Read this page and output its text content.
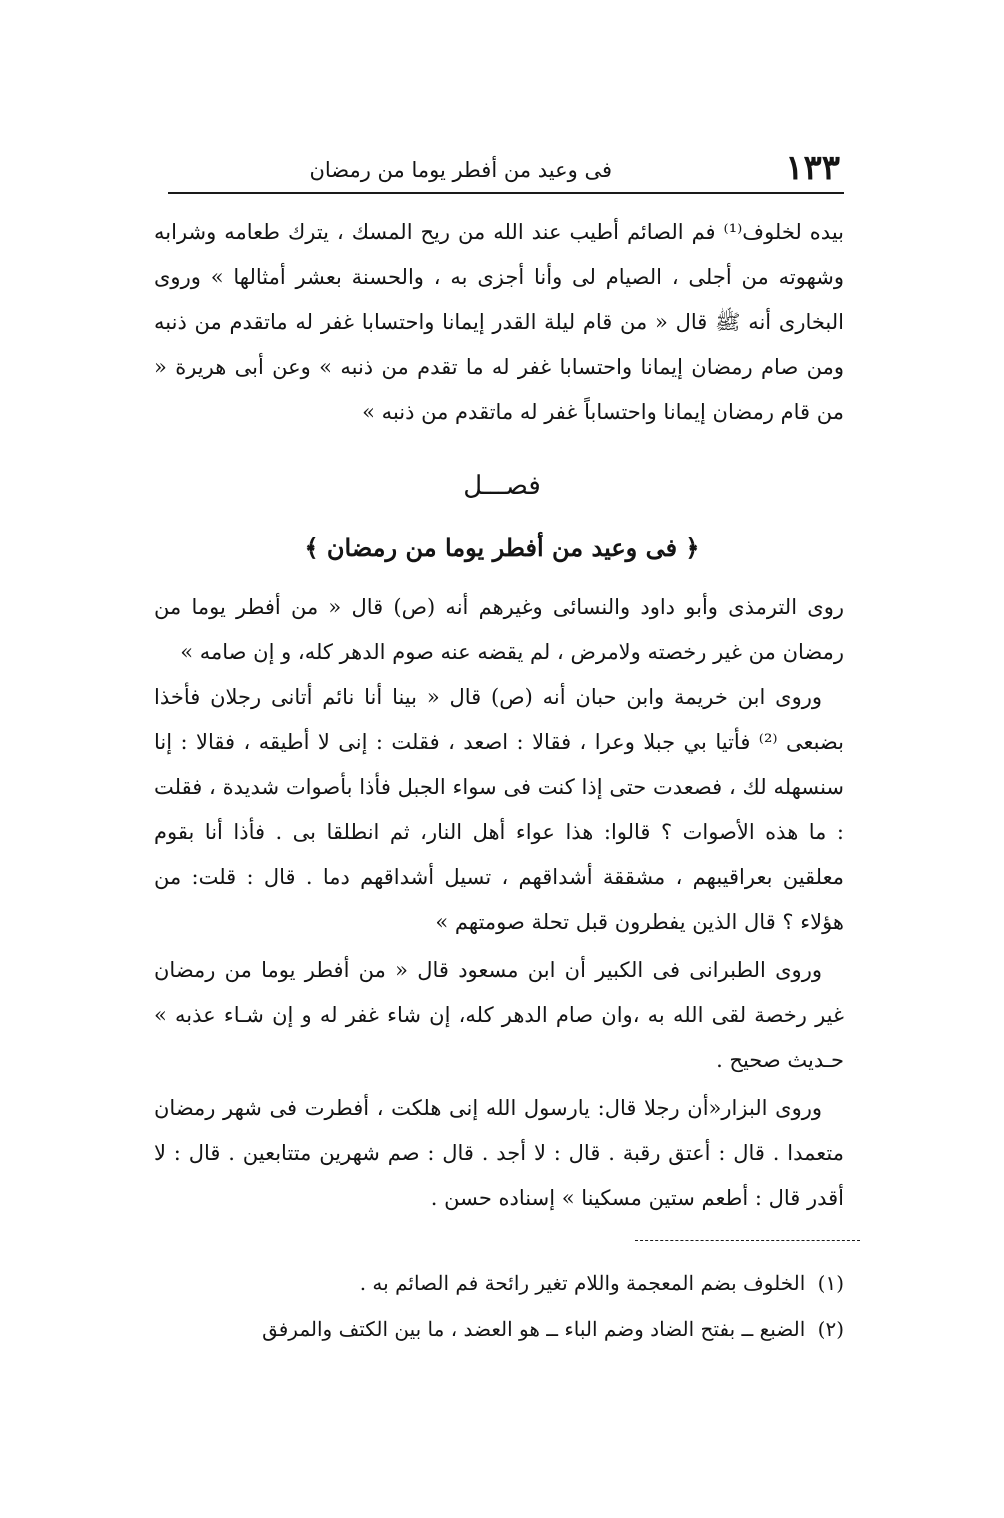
١٣٣
فى وعيد من أفطر يوما من رمضان

بيده لخلوف⁽¹⁾ فم الصائم أطيب عند الله من ريح المسك ، يترك طعامه وشرابه وشهوته من أجلى ، الصيام لى وأنا أجزى به ، والحسنة بعشر أمثالها » وروى البخارى أنه ﷺ قال « من قام ليلة القدر إيمانا واحتسابا غفر له ماتقدم من ذنبه ومن صام رمضان إيمانا واحتسابا غفر له ما تقدم من ذنبه » وعن أبى هريرة « من قام رمضان إيمانا واحتساباً غفر له ماتقدم من ذنبه »

فصـــل
﴿ فى وعيد من أفطر يوما من رمضان ﴾

روى الترمذى وأبو داود والنسائى وغيرهم أنه (ص) قال « من أفطر يوما من رمضان من غير رخصته ولامرض ، لم يقضه عنه صوم الدهر كله، و إن صامه »

وروى ابن خريمة وابن حبان أنه (ص) قال « بينا أنا نائم أتانى رجلان فأخذا بضبعى ⁽²⁾ فأتيا بي جبلا وعرا ، فقالا : اصعد ، فقلت : إنى لا أطيقه ، فقالا : إنا سنسهله لك ، فصعدت حتى إذا كنت فى سواء الجبل فأذا بأصوات شديدة ، فقلت : ما هذه الأصوات ؟ قالوا: هذا عواء أهل النار، ثم انطلقا بى . فأذا أنا بقوم معلقين بعراقيبهم ، مشققة أشداقهم ، تسيل أشداقهم دما . قال : قلت: من هؤلاء ؟ قال الذين يفطرون قبل تحلة صومتهم »

وروى الطبرانى فى الكبير أن ابن مسعود قال « من أفطر يوما من رمضان غير رخصة لقى الله به ،وان صام الدهر كله، إن شاء غفر له و إن شـاء عذبه » حـديث صحيح .

وروى البزار«أن رجلا قال: يارسول الله إنى هلكت ، أفطرت فى شهر رمضان متعمدا . قال : أعتق رقبة . قال : لا أجد . قال : صم شهرين متتابعين . قال : لا أقدر قال : أطعم ستين مسكينا » إسناده حسن .

(١) الخلوف بضم المعجمة واللام تغير رائحة فم الصائم به .

(٢) الضبع ــ بفتح الضاد وضم الباء ــ هو العضد ، ما بين الكتف والمرفق
